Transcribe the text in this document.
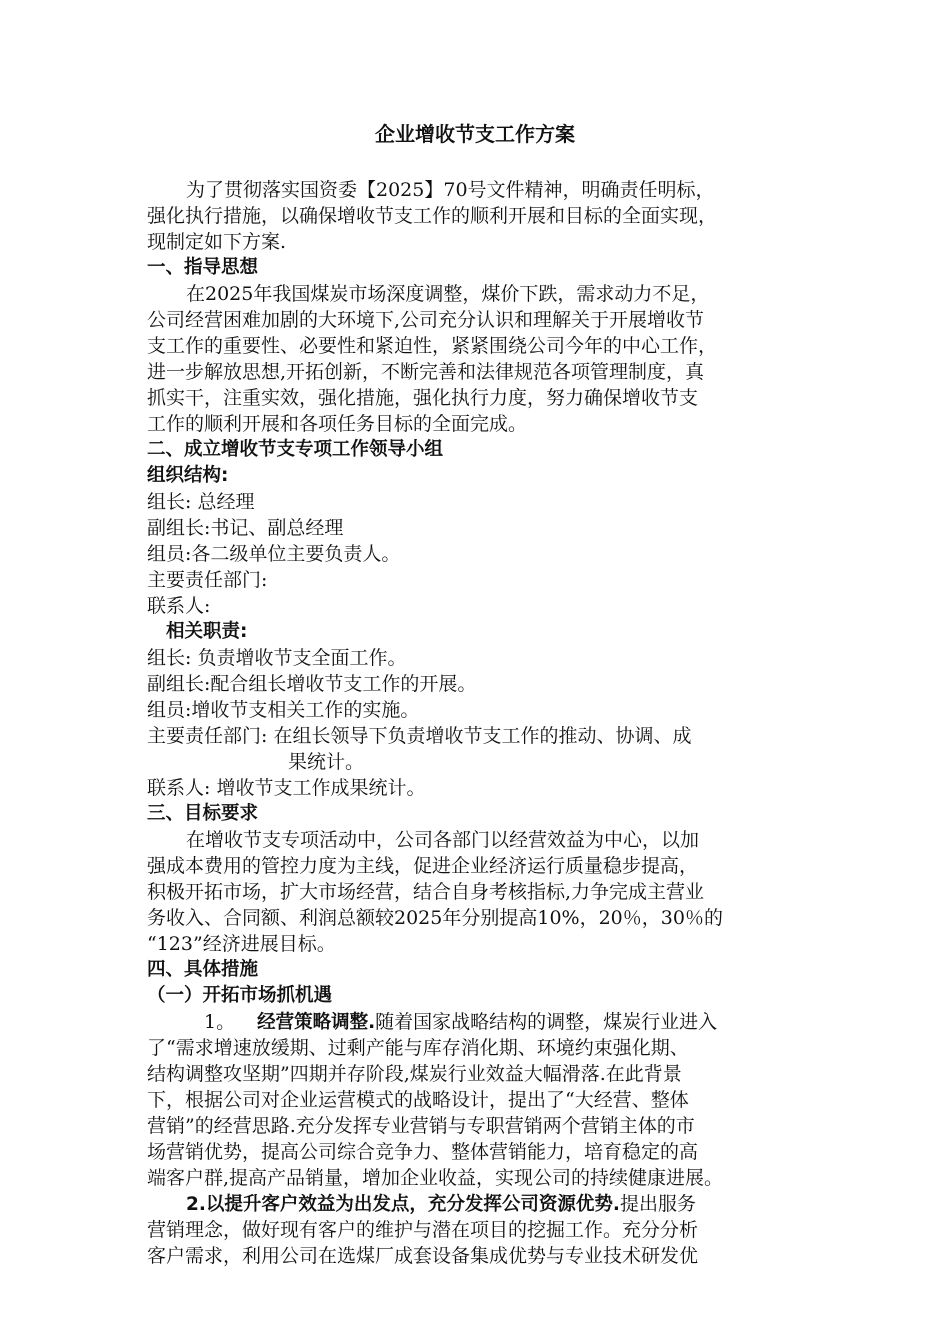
企业增收节支工作方案
为了贯彻落实国资委【2025】70号文件精神，明确责任明标，
强化执行措施，以确保增收节支工作的顺利开展和目标的全面实现，
现制定如下方案.
一、指导思想
在2025年我国煤炭市场深度调整，煤价下跌，需求动力不足，
公司经营困难加剧的大环境下,公司充分认识和理解关于开展增收节
支工作的重要性、必要性和紧迫性，紧紧围绕公司今年的中心工作，
进一步解放思想,开拓创新，不断完善和法律规范各项管理制度，真
抓实干，注重实效，强化措施，强化执行力度，努力确保增收节支
工作的顺利开展和各项任务目标的全面完成。
二、成立增收节支专项工作领导小组
组织结构:
组长: 总经理
副组长:书记、副总经理
组员:各二级单位主要负责人。
主要责任部门:
联系人:
相关职责:
组长: 负责增收节支全面工作。
副组长:配合组长增收节支工作的开展。
组员:增收节支相关工作的实施。
主要责任部门: 在组长领导下负责增收节支工作的推动、协调、成
果统计。
联系人: 增收节支工作成果统计。
三、目标要求
在增收节支专项活动中，公司各部门以经营效益为中心，以加
强成本费用的管控力度为主线，促进企业经济运行质量稳步提高，
积极开拓市场，扩大市场经营，结合自身考核指标,力争完成主营业
务收入、合同额、利润总额较2025年分别提高10%，20％，30％的
“123”经济进展目标。
四、具体措施
（一）开拓市场抓机遇
1。 经营策略调整.随着国家战略结构的调整，煤炭行业进入
了“需求增速放缓期、过剩产能与库存消化期、环境约束强化期、
结构调整攻坚期”四期并存阶段,煤炭行业效益大幅滑落.在此背景
下，根据公司对企业运营模式的战略设计，提出了“大经营、整体
营销”的经营思路.充分发挥专业营销与专职营销两个营销主体的市
场营销优势，提高公司综合竞争力、整体营销能力，培育稳定的高
端客户群,提高产品销量，增加企业收益，实现公司的持续健康进展。
2.以提升客户效益为出发点，充分发挥公司资源优势.提出服务
营销理念，做好现有客户的维护与潜在项目的挖掘工作。充分分析
客户需求，利用公司在选煤厂成套设备集成优势与专业技术研发优
